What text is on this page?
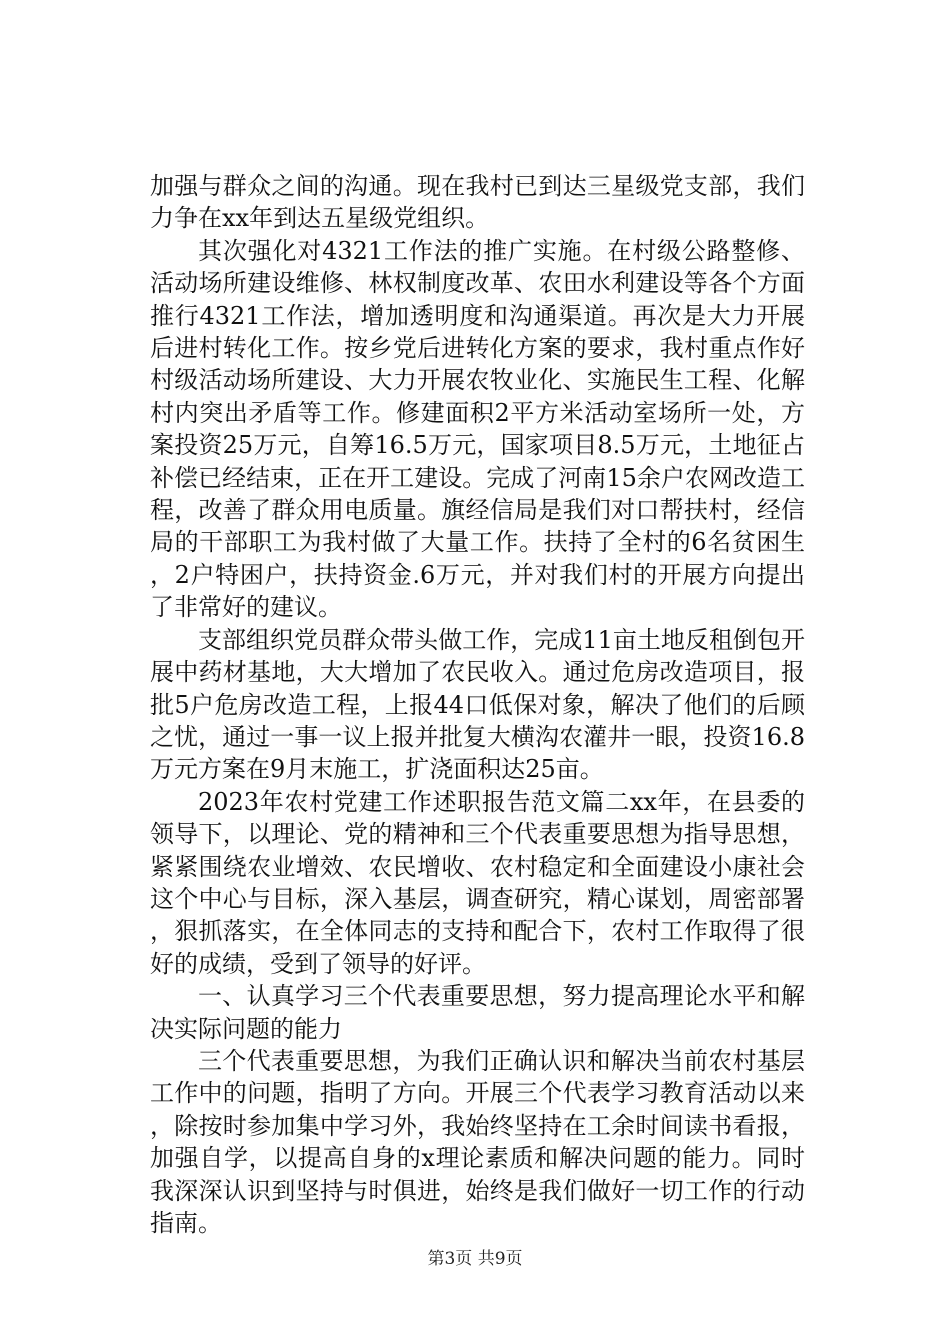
加强与群众之间的沟通。现在我村已到达三星级党支部，我们力争在xx年到达五星级党组织。

其次强化对4321工作法的推广实施。在村级公路整修、活动场所建设维修、林权制度改革、农田水利建设等各个方面推行4321工作法，增加透明度和沟通渠道。再次是大力开展后进村转化工作。按乡党后进转化方案的要求，我村重点作好村级活动场所建设、大力开展农牧业化、实施民生工程、化解村内突出矛盾等工作。修建面积2平方米活动室场所一处，方案投资25万元，自筹16.5万元，国家项目8.5万元，土地征占补偿已经结束，正在开工建设。完成了河南15余户农网改造工程，改善了群众用电质量。旗经信局是我们对口帮扶村，经信局的干部职工为我村做了大量工作。扶持了全村的6名贫困生，2户特困户，扶持资金.6万元，并对我们村的开展方向提出了非常好的建议。

支部组织党员群众带头做工作，完成11亩土地反租倒包开展中药材基地，大大增加了农民收入。通过危房改造项目，报批5户危房改造工程，上报44口低保对象，解决了他们的后顾之忧，通过一事一议上报并批复大横沟农灌井一眼，投资16.8万元方案在9月末施工，扩浇面积达25亩。

2023年农村党建工作述职报告范文篇二xx年，在县委的领导下，以理论、党的精神和三个代表重要思想为指导思想，紧紧围绕农业增效、农民增收、农村稳定和全面建设小康社会这个中心与目标，深入基层，调查研究，精心谋划，周密部署，狠抓落实，在全体同志的支持和配合下，农村工作取得了很好的成绩，受到了领导的好评。

一、认真学习三个代表重要思想，努力提高理论水平和解决实际问题的能力

三个代表重要思想，为我们正确认识和解决当前农村基层工作中的问题，指明了方向。开展三个代表学习教育活动以来，除按时参加集中学习外，我始终坚持在工余时间读书看报，加强自学，以提高自身的x理论素质和解决问题的能力。同时我深深认识到坚持与时俱进，始终是我们做好一切工作的行动指南。

第3页 共9页
